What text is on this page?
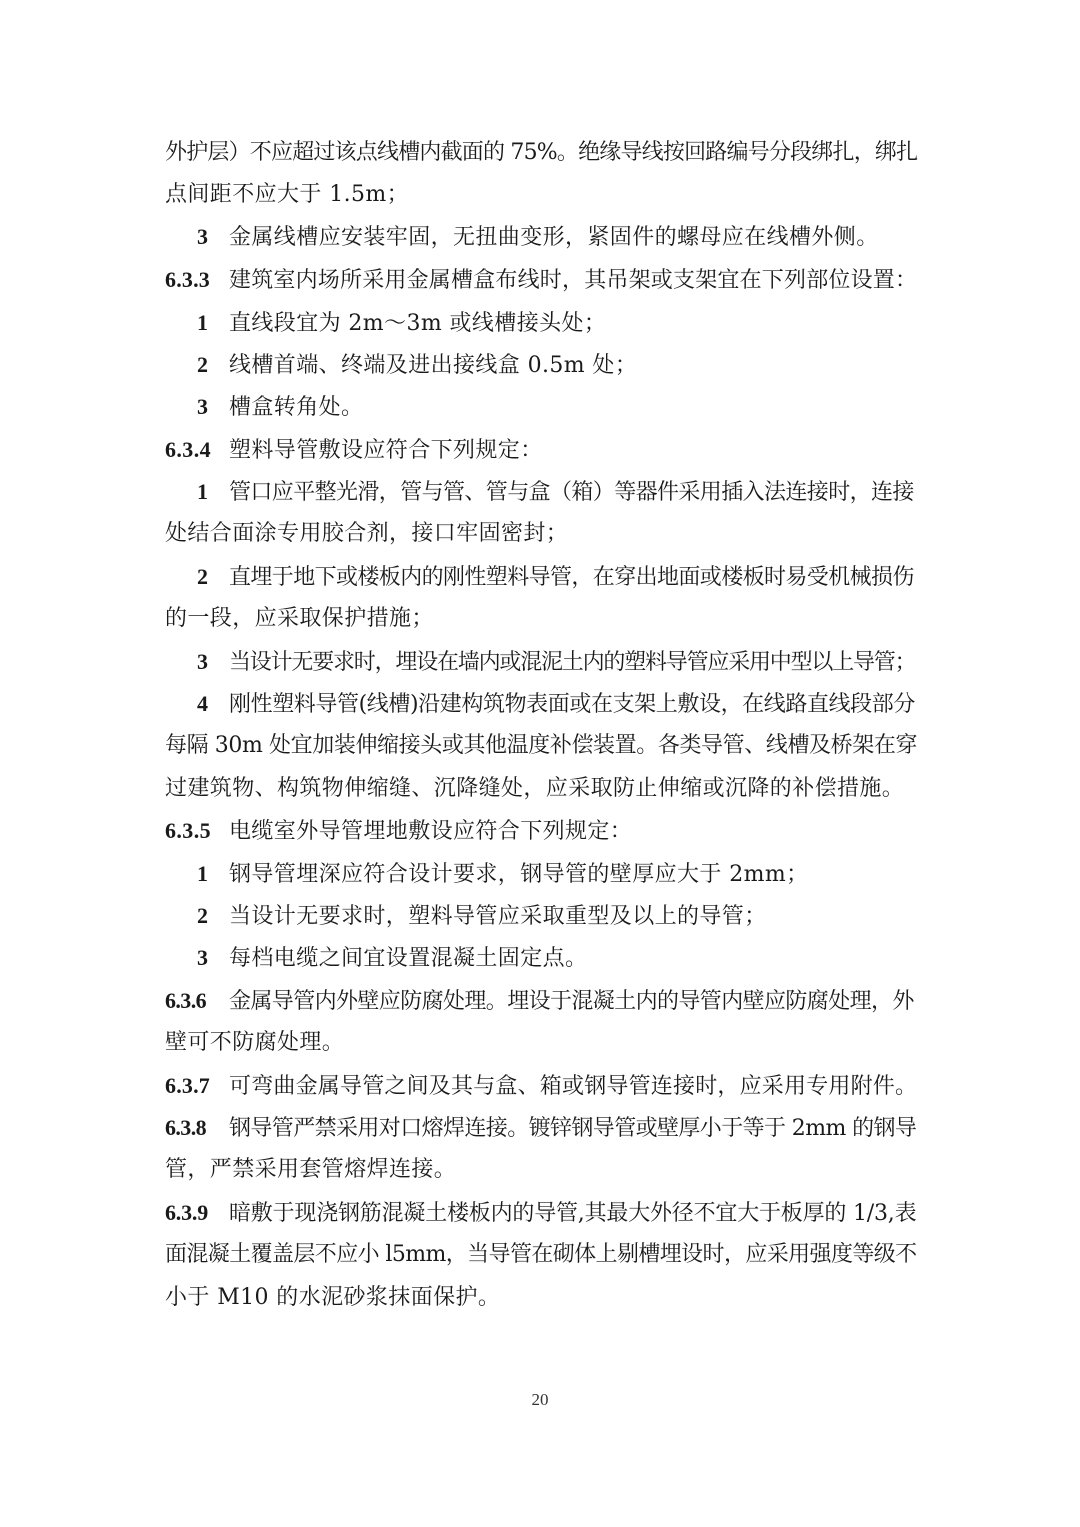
外护层）不应超过该点线槽内截面的 75%。绝缘导线按回路编号分段绑扎，绑扎
点间距不应大于 1.5m；
3 金属线槽应安装牢固，无扭曲变形，紧固件的螺母应在线槽外侧。
6.3.3 建筑室内场所采用金属槽盒布线时，其吊架或支架宜在下列部位设置：
1 直线段宜为 2m～3m 或线槽接头处；
2 线槽首端、终端及进出接线盒 0.5m 处；
3 槽盒转角处。
6.3.4 塑料导管敷设应符合下列规定：
1 管口应平整光滑，管与管、管与盒（箱）等器件采用插入法连接时，连接
处结合面涂专用胶合剂，接口牢固密封；
2 直埋于地下或楼板内的刚性塑料导管，在穿出地面或楼板时易受机械损伤
的一段，应采取保护措施；
3 当设计无要求时，埋设在墙内或混泥土内的塑料导管应采用中型以上导管；
4 刚性塑料导管(线槽)沿建构筑物表面或在支架上敷设，在线路直线段部分
每隔 30m 处宜加装伸缩接头或其他温度补偿装置。各类导管、线槽及桥架在穿
过建筑物、构筑物伸缩缝、沉降缝处，应采取防止伸缩或沉降的补偿措施。
6.3.5 电缆室外导管埋地敷设应符合下列规定：
1 钢导管埋深应符合设计要求，钢导管的壁厚应大于 2mm；
2 当设计无要求时，塑料导管应采取重型及以上的导管；
3 每档电缆之间宜设置混凝土固定点。
6.3.6 金属导管内外壁应防腐处理。埋设于混凝土内的导管内壁应防腐处理，外
壁可不防腐处理。
6.3.7 可弯曲金属导管之间及其与盒、箱或钢导管连接时，应采用专用附件。
6.3.8 钢导管严禁采用对口熔焊连接。镀锌钢导管或壁厚小于等于 2mm 的钢导
管，严禁采用套管熔焊连接。
6.3.9 暗敷于现浇钢筋混凝土楼板内的导管,其最大外径不宜大于板厚的 1/3,表
面混凝土覆盖层不应小 l5mm，当导管在砌体上剔槽埋设时，应采用强度等级不
小于 M10 的水泥砂浆抹面保护。
20
